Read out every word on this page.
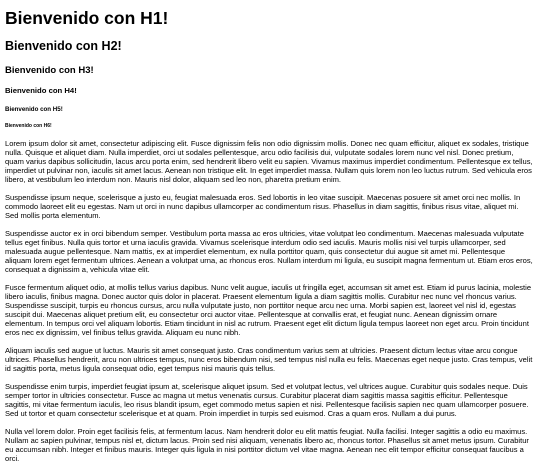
Bienvenido con H1!
Bienvenido con H2!
Bienvenido con H3!
Bienvenido con H4!
Bienvenido con H5!
Bienvenido con H6!

Lorem ipsum dolor sit amet, consectetur adipiscing elit. Fusce dignissim felis non odio dignissim mollis. Donec nec quam efficitur, aliquet ex sodales, tristique nulla. Quisque et aliquet diam. Nulla imperdiet, orci ut sodales pellentesque, arcu odio facilisis dui, vulputate sodales lorem nunc vel nisl. Donec pretium, quam varius dapibus sollicitudin, lacus arcu porta enim, sed hendrerit libero velit eu sapien. Vivamus maximus imperdiet condimentum. Pellentesque ex tellus, imperdiet ut pulvinar non, iaculis sit amet lacus. Aenean non tristique elit. In eget imperdiet massa. Nullam quis lorem non leo luctus rutrum. Sed vehicula eros libero, at vestibulum leo interdum non. Mauris nisl dolor, aliquam sed leo non, pharetra pretium enim.

Suspendisse ipsum neque, scelerisque a justo eu, feugiat malesuada eros. Sed lobortis in leo vitae suscipit. Maecenas posuere sit amet orci nec mollis. In commodo laoreet elit eu egestas. Nam ut orci in nunc dapibus ullamcorper ac condimentum risus. Phasellus in diam sagittis, finibus risus vitae, aliquet mi. Sed mollis porta elementum.

Suspendisse auctor ex in orci bibendum semper. Vestibulum porta massa ac eros ultricies, vitae volutpat leo condimentum. Maecenas malesuada vulputate tellus eget finibus. Nulla quis tortor et urna iaculis gravida. Vivamus scelerisque interdum odio sed iaculis. Mauris mollis nisi vel turpis ullamcorper, sed malesuada augue pellentesque. Nam mattis, ex at imperdiet elementum, ex nulla porttitor quam, quis consectetur dui augue sit amet mi. Pellentesque aliquam lorem eget fermentum ultrices. Aenean a volutpat urna, ac rhoncus eros. Nullam interdum mi ligula, eu suscipit magna fermentum ut. Etiam eros eros, consequat a dignissim a, vehicula vitae elit.

Fusce fermentum aliquet odio, at mollis tellus varius dapibus. Nunc velit augue, iaculis ut fringilla eget, accumsan sit amet est. Etiam id purus lacinia, molestie libero iaculis, finibus magna. Donec auctor quis dolor in placerat. Praesent elementum ligula a diam sagittis mollis. Curabitur nec nunc vel rhoncus varius. Suspendisse suscipit, turpis eu rhoncus cursus, arcu nulla vulputate justo, non porttitor neque arcu nec urna. Morbi sapien est, laoreet vel nisl id, egestas suscipit dui. Maecenas aliquet pretium elit, eu consectetur orci auctor vitae. Pellentesque at convallis erat, et feugiat nunc. Aenean dignissim ornare elementum. In tempus orci vel aliquam lobortis. Etiam tincidunt in nisl ac rutrum. Praesent eget elit dictum ligula tempus laoreet non eget arcu. Proin tincidunt eros nec ex dignissim, vel finibus tellus gravida. Aliquam eu nunc nibh.

Aliquam iaculis sed augue ut luctus. Mauris sit amet consequat justo. Cras condimentum varius sem at ultricies. Praesent dictum lectus vitae arcu congue ultrices. Phasellus hendrerit, arcu non ultrices tempus, nunc eros bibendum nisi, sed tempus nisl nulla eu felis. Maecenas eget neque justo. Cras tempus, velit id sagittis porta, metus ligula consequat odio, eget tempus nisi mauris quis tellus.

Suspendisse enim turpis, imperdiet feugiat ipsum at, scelerisque aliquet ipsum. Sed et volutpat lectus, vel ultrices augue. Curabitur quis sodales neque. Duis semper tortor in ultricies consectetur. Fusce ac magna ut metus venenatis cursus. Curabitur placerat diam sagittis massa sagittis efficitur. Pellentesque sagittis, mi vitae fermentum iaculis, leo risus blandit ipsum, eget commodo metus sapien et nisi. Pellentesque facilisis sapien nec quam ullamcorper posuere. Sed ut tortor et quam consectetur scelerisque et at quam. Proin imperdiet in turpis sed euismod. Cras a quam eros. Nullam a dui purus.

Nulla vel lorem dolor. Proin eget facilisis felis, at fermentum lacus. Nam hendrerit dolor eu elit mattis feugiat. Nulla facilisi. Integer sagittis a odio eu maximus. Nullam ac sapien pulvinar, tempus nisl et, dictum lacus. Proin sed nisi aliquam, venenatis libero ac, rhoncus tortor. Phasellus sit amet metus ipsum. Curabitur eu accumsan nibh. Integer et finibus mauris. Integer quis ligula in nisi porttitor dictum vel vitae magna. Aenean nec elit tempor efficitur consequat faucibus a orci.
